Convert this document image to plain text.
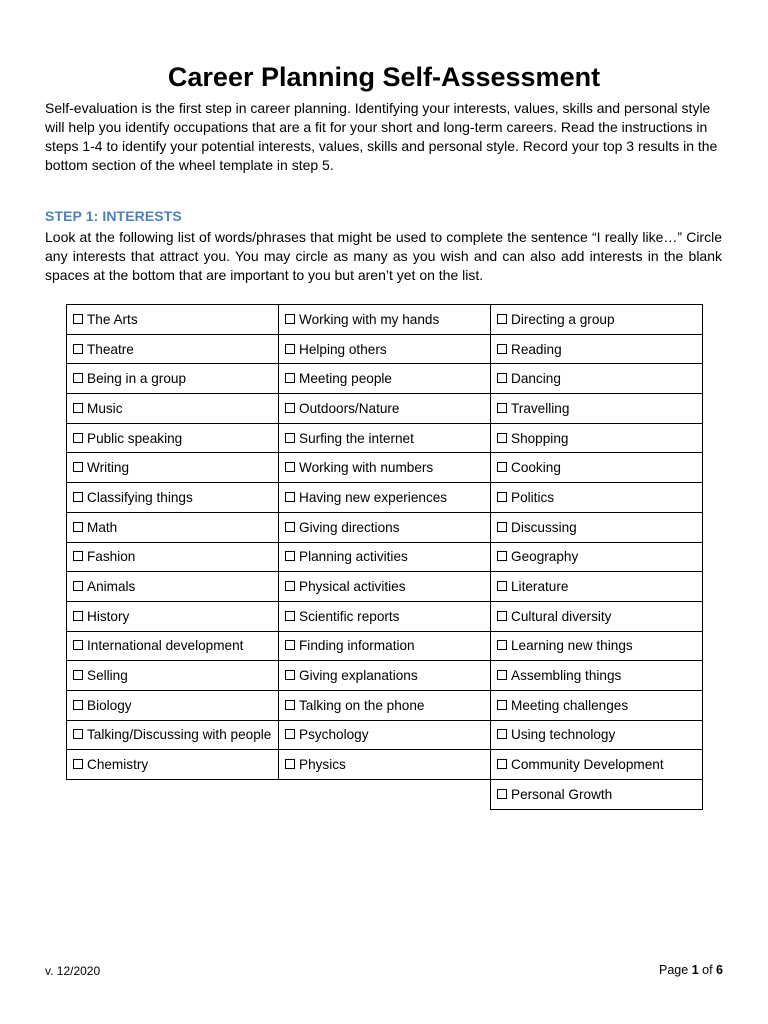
Career Planning Self-Assessment

Self-evaluation is the first step in career planning. Identifying your interests, values, skills and personal style will help you identify occupations that are a fit for your short and long-term careers. Read the instructions in steps 1-4 to identify your potential interests, values, skills and personal style. Record your top 3 results in the bottom section of the wheel template in step 5.

STEP 1: INTERESTS

Look at the following list of words/phrases that might be used to complete the sentence “I really like…” Circle any interests that attract you. You may circle as many as you wish and can also add interests in the blank spaces at the bottom that are important to you but aren’t yet on the list.

The Arts	Working with my hands	Directing a group
Theatre	Helping others	Reading
Being in a group	Meeting people	Dancing
Music	Outdoors/Nature	Travelling
Public speaking	Surfing the internet	Shopping
Writing	Working with numbers	Cooking
Classifying things	Having new experiences	Politics
Math	Giving directions	Discussing
Fashion	Planning activities	Geography
Animals	Physical activities	Literature
History	Scientific reports	Cultural diversity
International development	Finding information	Learning new things
Selling	Giving explanations	Assembling things
Biology	Talking on the phone	Meeting challenges
Talking/Discussing with people	Psychology	Using technology
Chemistry	Physics	Community Development
		Personal Growth
v. 12/2020	Page 1 of 6
